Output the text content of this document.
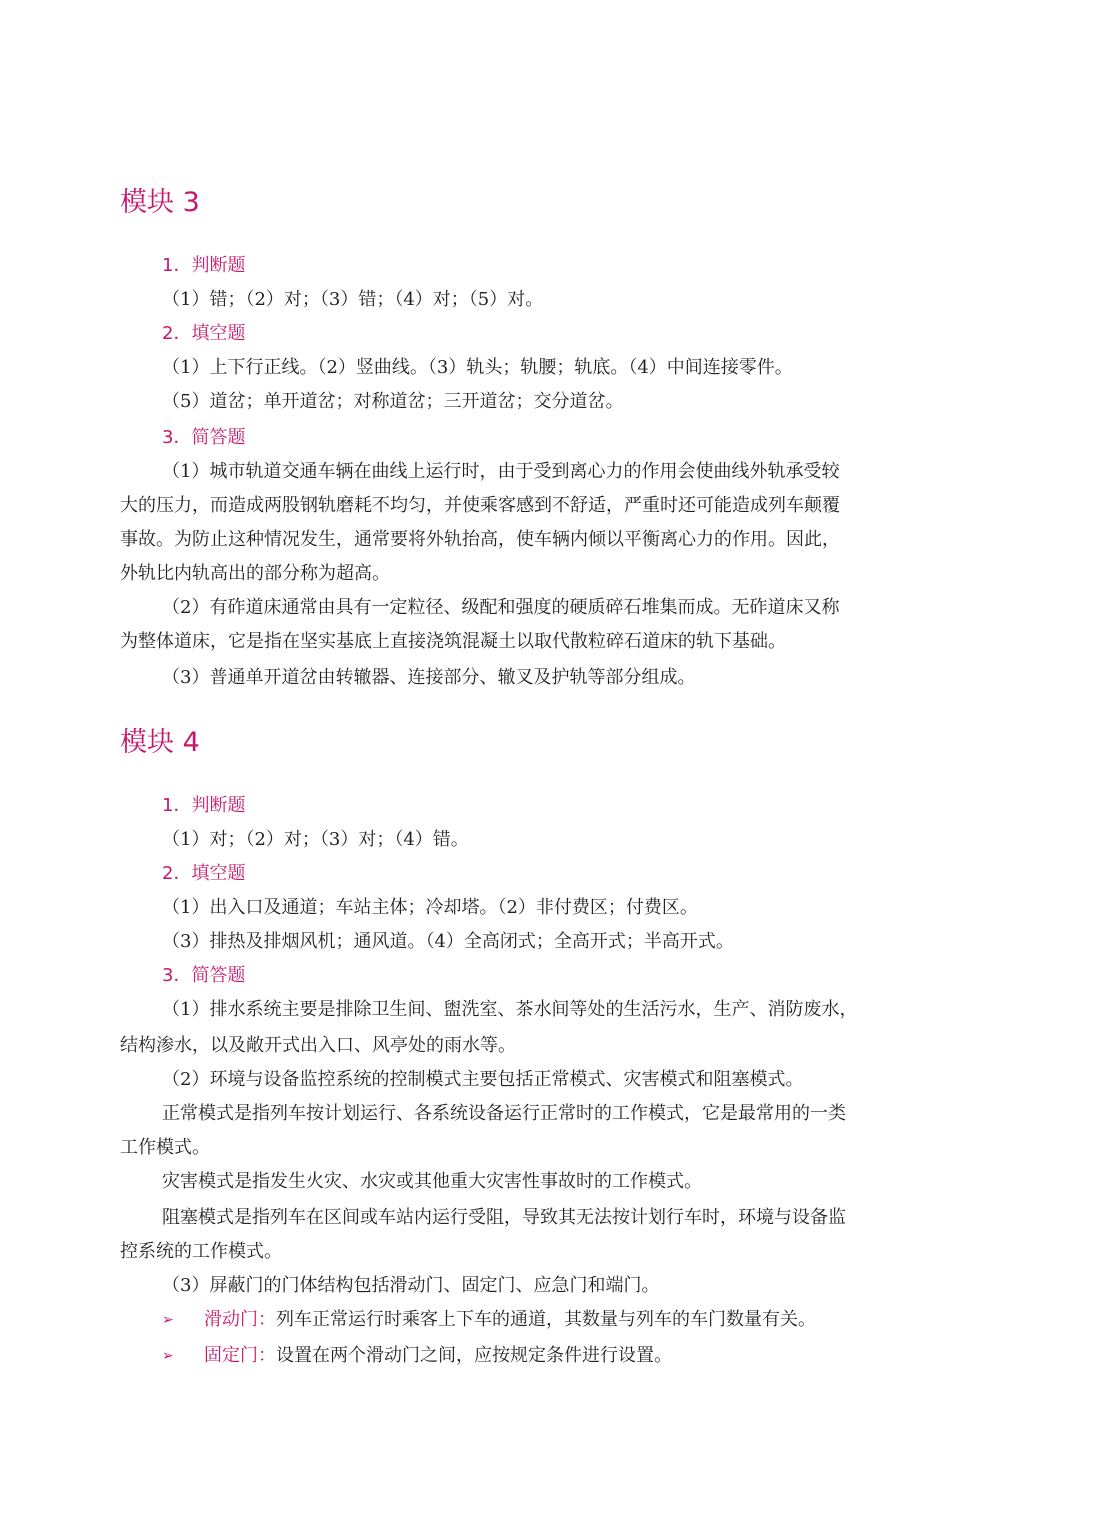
模块 3
1．判断题
（1）错；（2）对；（3）错；（4）对；（5）对。
2．填空题
（1）上下行正线。（2）竖曲线。（3）轨头；轨腰；轨底。（4）中间连接零件。
（5）道岔；单开道岔；对称道岔；三开道岔；交分道岔。
3．简答题
（1）城市轨道交通车辆在曲线上运行时，由于受到离心力的作用会使曲线外轨承受较
大的压力，而造成两股钢轨磨耗不均匀，并使乘客感到不舒适，严重时还可能造成列车颠覆
事故。为防止这种情况发生，通常要将外轨抬高，使车辆内倾以平衡离心力的作用。因此，
外轨比内轨高出的部分称为超高。
（2）有砟道床通常由具有一定粒径、级配和强度的硬质碎石堆集而成。无砟道床又称
为整体道床，它是指在坚实基底上直接浇筑混凝土以取代散粒碎石道床的轨下基础。
（3）普通单开道岔由转辙器、连接部分、辙叉及护轨等部分组成。
模块 4
1．判断题
（1）对；（2）对；（3）对；（4）错。
2．填空题
（1）出入口及通道；车站主体；冷却塔。（2）非付费区；付费区。
（3）排热及排烟风机；通风道。（4）全高闭式；全高开式；半高开式。
3．简答题
（1）排水系统主要是排除卫生间、盥洗室、茶水间等处的生活污水，生产、消防废水，
结构渗水，以及敞开式出入口、风亭处的雨水等。
（2）环境与设备监控系统的控制模式主要包括正常模式、灾害模式和阻塞模式。
正常模式是指列车按计划运行、各系统设备运行正常时的工作模式，它是最常用的一类
工作模式。
灾害模式是指发生火灾、水灾或其他重大灾害性事故时的工作模式。
阻塞模式是指列车在区间或车站内运行受阻，导致其无法按计划行车时，环境与设备监
控系统的工作模式。
（3）屏蔽门的门体结构包括滑动门、固定门、应急门和端门。
➢ 滑动门：列车正常运行时乘客上下车的通道，其数量与列车的车门数量有关。
➢ 固定门：设置在两个滑动门之间，应按规定条件进行设置。
